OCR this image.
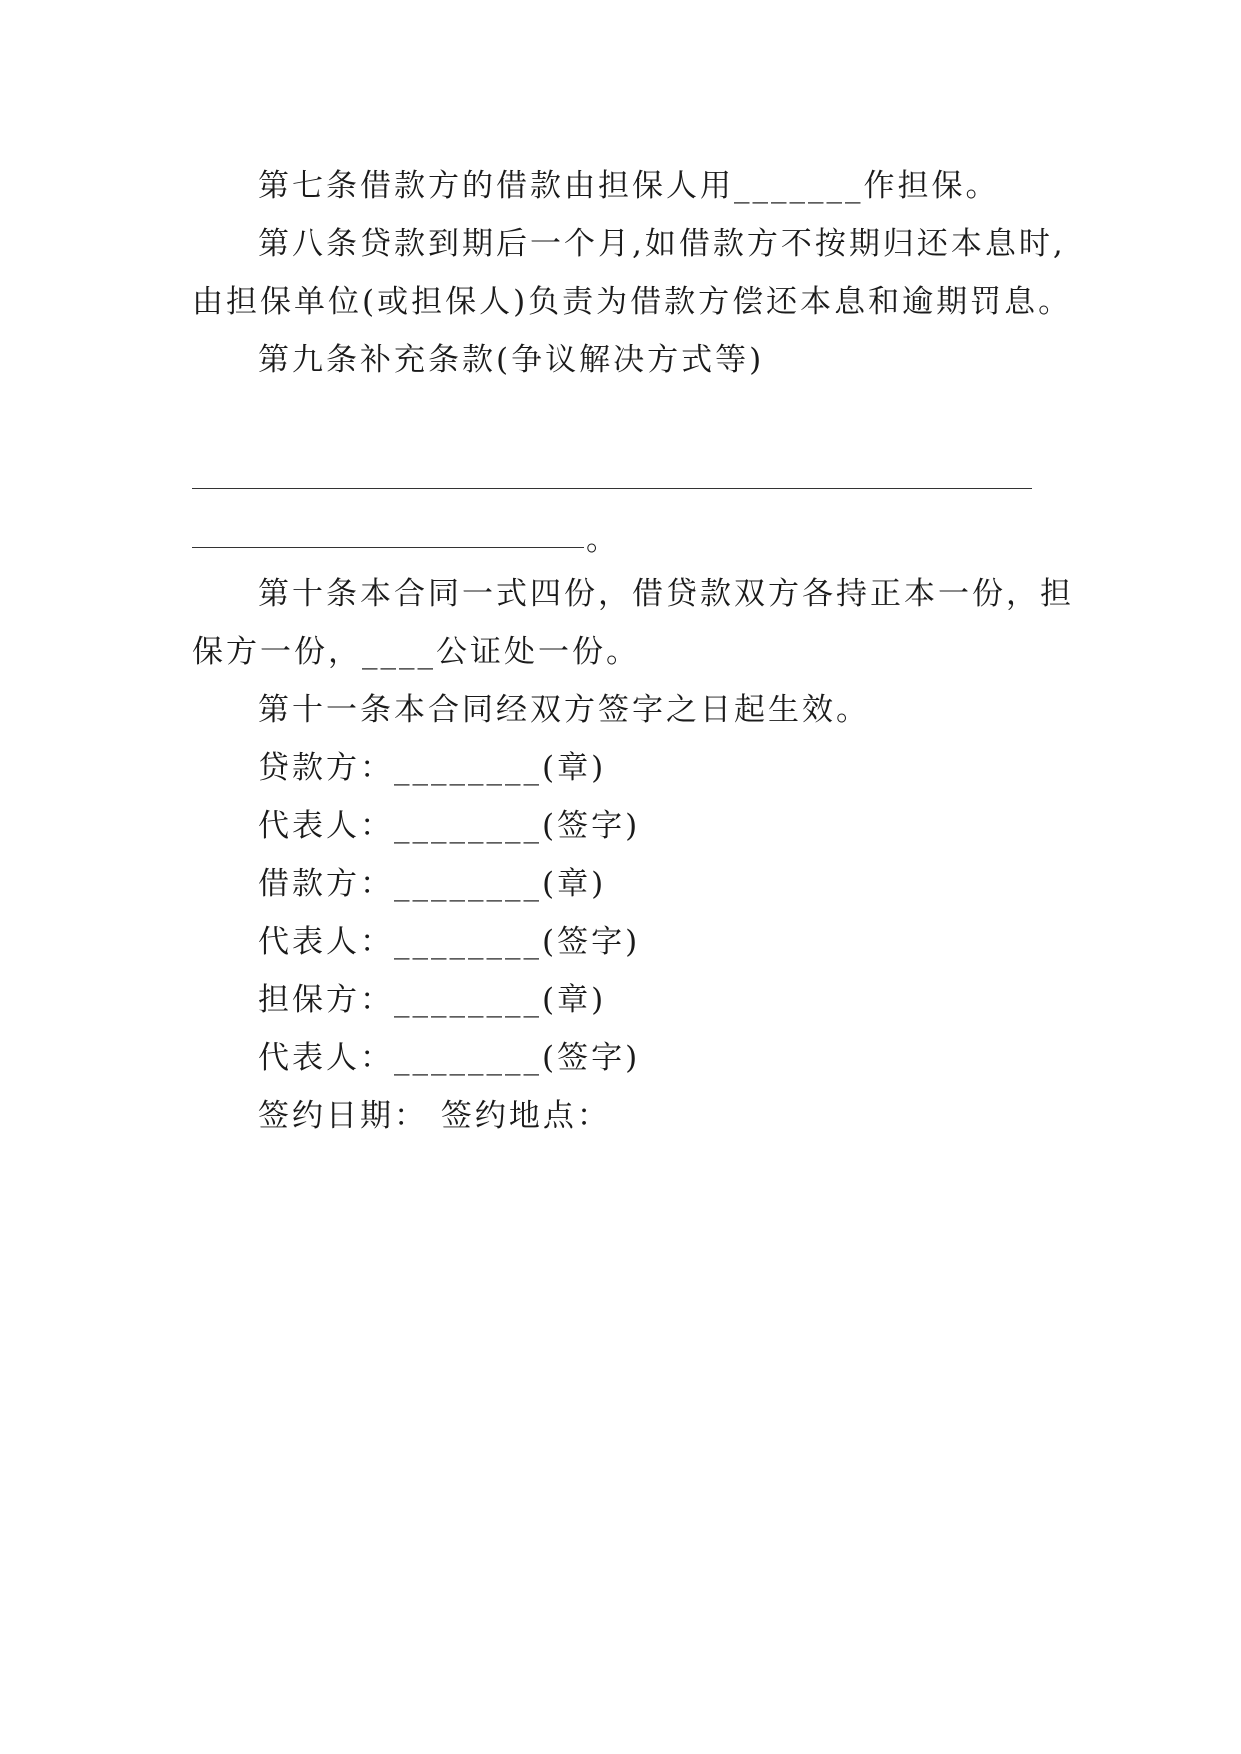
第七条借款方的借款由担保人用_______作担保。
第八条贷款到期后一个月,如借款方不按期归还本息时,
由担保单位(或担保人)负责为借款方偿还本息和逾期罚息。
第九条补充条款(争议解决方式等)
。
第十条本合同一式四份，借贷款双方各持正本一份，担
保方一份，____公证处一份。
第十一条本合同经双方签字之日起生效。
贷款方：________(章)
代表人：________(签字)
借款方：________(章)
代表人：________(签字)
担保方：________(章)
代表人：________(签字)
签约日期： 签约地点：
